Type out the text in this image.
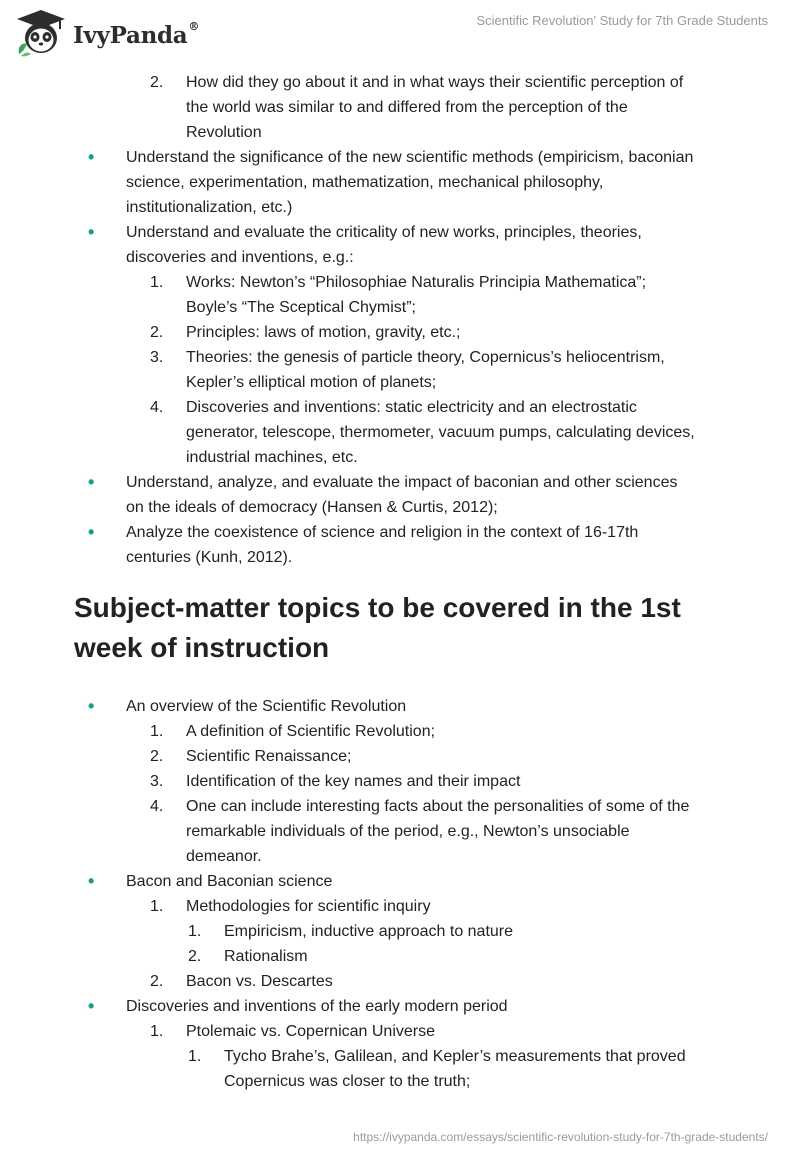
IvyPanda®	Scientific Revolution' Study for 7th Grade Students
2. How did they go about it and in what ways their scientific perception of
the world was similar to and differed from the perception of the
Revolution
• Understand the significance of the new scientific methods (empiricism, baconian
science, experimentation, mathematization, mechanical philosophy,
institutionalization, etc.)
• Understand and evaluate the criticality of new works, principles, theories,
discoveries and inventions, e.g.:
1. Works: Newton’s “Philosophiae Naturalis Principia Mathematica”;
Boyle’s “The Sceptical Chymist”;
2. Principles: laws of motion, gravity, etc.;
3. Theories: the genesis of particle theory, Copernicus’s heliocentrism,
Kepler’s elliptical motion of planets;
4. Discoveries and inventions: static electricity and an electrostatic
generator, telescope, thermometer, vacuum pumps, calculating devices,
industrial machines, etc.
• Understand, analyze, and evaluate the impact of baconian and other sciences
on the ideals of democracy (Hansen & Curtis, 2012);
• Analyze the coexistence of science and religion in the context of 16-17th
centuries (Kunh, 2012).
Subject-matter topics to be covered in the 1st
week of instruction
• An overview of the Scientific Revolution
1. A definition of Scientific Revolution;
2. Scientific Renaissance;
3. Identification of the key names and their impact
4. One can include interesting facts about the personalities of some of the
remarkable individuals of the period, e.g., Newton’s unsociable
demeanor.
• Bacon and Baconian science
1. Methodologies for scientific inquiry
1. Empiricism, inductive approach to nature
2. Rationalism
2. Bacon vs. Descartes
• Discoveries and inventions of the early modern period
1. Ptolemaic vs. Copernican Universe
1. Tycho Brahe’s, Galilean, and Kepler’s measurements that proved
Copernicus was closer to the truth;
https://ivypanda.com/essays/scientific-revolution-study-for-7th-grade-students/
